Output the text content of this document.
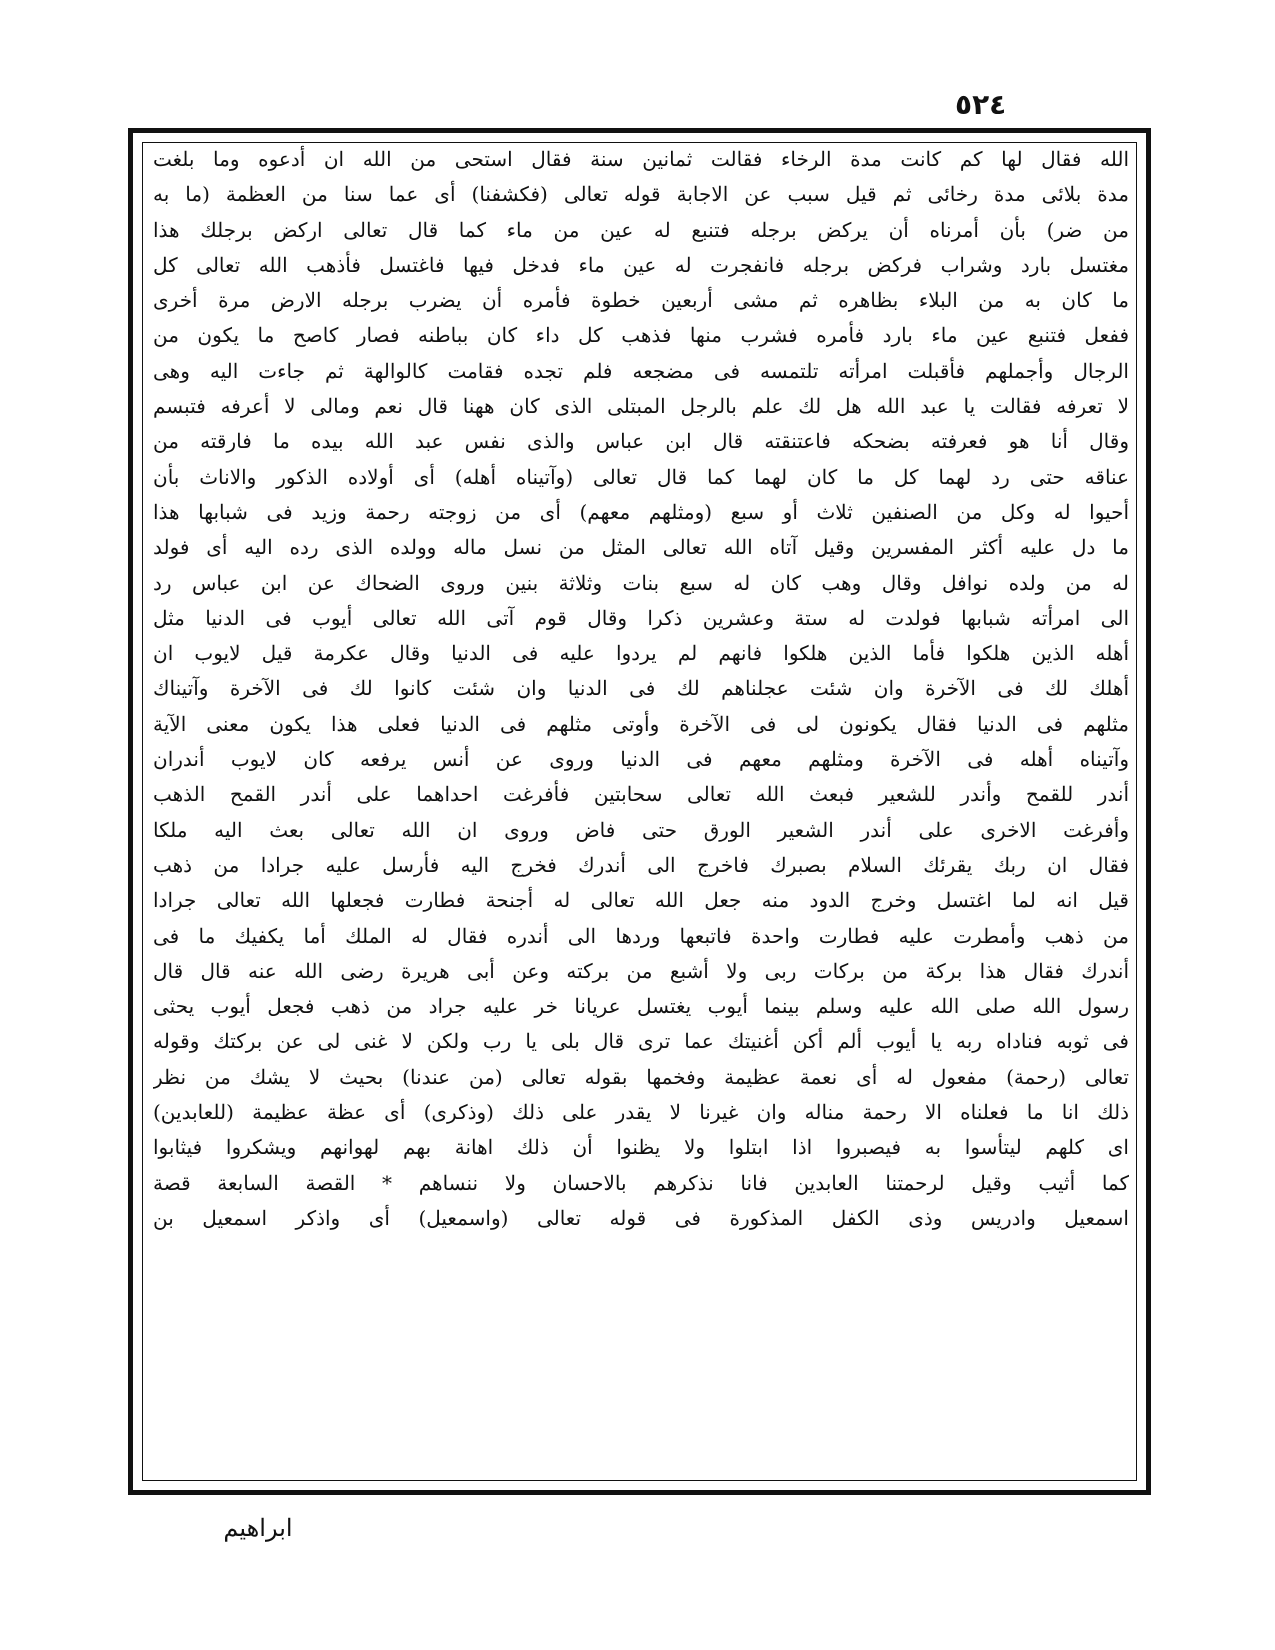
٥٢٤
الله فقال لها كم كانت مدة الرخاء فقالت ثمانين سنة فقال استحى من الله ان أدعوه وما بلغت
مدة بلائى مدة رخائى ثم قيل سبب عن الاجابة قوله تعالى (فكشفنا) أى عما سنا من العظمة (ما به
من ضر) بأن أمرناه أن يركض برجله فتنبع له عين من ماء كما قال تعالى اركض برجلك هذا
مغتسل بارد وشراب فركض برجله فانفجرت له عين ماء فدخل فيها فاغتسل فأذهب الله تعالى كل
ما كان به من البلاء بظاهره ثم مشى أربعين خطوة فأمره أن يضرب برجله الارض مرة أخرى
ففعل فتنبع عين ماء بارد فأمره فشرب منها فذهب كل داء كان بباطنه فصار كاصح ما يكون من
الرجال وأجملهم فأقبلت امرأته تلتمسه فى مضجعه فلم تجده فقامت كالوالهة ثم جاءت اليه وهى
لا تعرفه فقالت يا عبد الله هل لك علم بالرجل المبتلى الذى كان ههنا قال نعم ومالى لا أعرفه فتبسم
وقال أنا هو فعرفته بضحكه فاعتنقته قال ابن عباس والذى نفس عبد الله بيده ما فارقته من
عناقه حتى رد لهما كل ما كان لهما كما قال تعالى (وآتيناه أهله) أى أولاده الذكور والاناث بأن
أحيوا له وكل من الصنفين ثلاث أو سبع (ومثلهم معهم) أى من زوجته رحمة وزيد فى شبابها هذا
ما دل عليه أكثر المفسرين وقيل آتاه الله تعالى المثل من نسل ماله وولده الذى رده اليه أى فولد
له من ولده نوافل وقال وهب كان له سبع بنات وثلاثة بنين وروى الضحاك عن ابن عباس رد
الى امرأته شبابها فولدت له ستة وعشرين ذكرا وقال قوم آتى الله تعالى أيوب فى الدنيا مثل
أهله الذين هلكوا فأما الذين هلكوا فانهم لم يردوا عليه فى الدنيا وقال عكرمة قيل لايوب ان
أهلك لك فى الآخرة وان شئت عجلناهم لك فى الدنيا وان شئت كانوا لك فى الآخرة وآتيناك
مثلهم فى الدنيا فقال يكونون لى فى الآخرة وأوتى مثلهم فى الدنيا فعلى هذا يكون معنى الآية
وآتيناه أهله فى الآخرة ومثلهم معهم فى الدنيا وروى عن أنس يرفعه كان لايوب أندران
أندر للقمح وأندر للشعير فبعث الله تعالى سحابتين فأفرغت احداهما على أندر القمح الذهب
وأفرغت الاخرى على أندر الشعير الورق حتى فاض وروى ان الله تعالى بعث اليه ملكا
فقال ان ربك يقرئك السلام بصبرك فاخرج الى أندرك فخرج اليه فأرسل عليه جرادا من ذهب
قيل انه لما اغتسل وخرج الدود منه جعل الله تعالى له أجنحة فطارت فجعلها الله تعالى جرادا
من ذهب وأمطرت عليه فطارت واحدة فاتبعها وردها الى أندره فقال له الملك أما يكفيك ما فى
أندرك فقال هذا بركة من بركات ربى ولا أشبع من بركته وعن أبى هريرة رضى الله عنه قال قال
رسول الله صلى الله عليه وسلم بينما أيوب يغتسل عريانا خر عليه جراد من ذهب فجعل أيوب يحثى
فى ثوبه فناداه ربه يا أيوب ألم أكن أغنيتك عما ترى قال بلى يا رب ولكن لا غنى لى عن بركتك وقوله
تعالى (رحمة) مفعول له أى نعمة عظيمة وفخمها بقوله تعالى (من عندنا) بحيث لا يشك من نظر
ذلك انا ما فعلناه الا رحمة مناله وان غيرنا لا يقدر على ذلك (وذكرى) أى عظة عظيمة (للعابدين)
اى كلهم ليتأسوا به فيصبروا اذا ابتلوا ولا يظنوا أن ذلك اهانة بهم لهوانهم ويشكروا فيثابوا
كما أثيب وقيل لرحمتنا العابدين فانا نذكرهم بالاحسان ولا ننساهم * القصة السابعة قصة
اسمعيل وادريس وذى الكفل المذكورة فى قوله تعالى (واسمعيل) أى واذكر اسمعيل بن
ابراهيم
